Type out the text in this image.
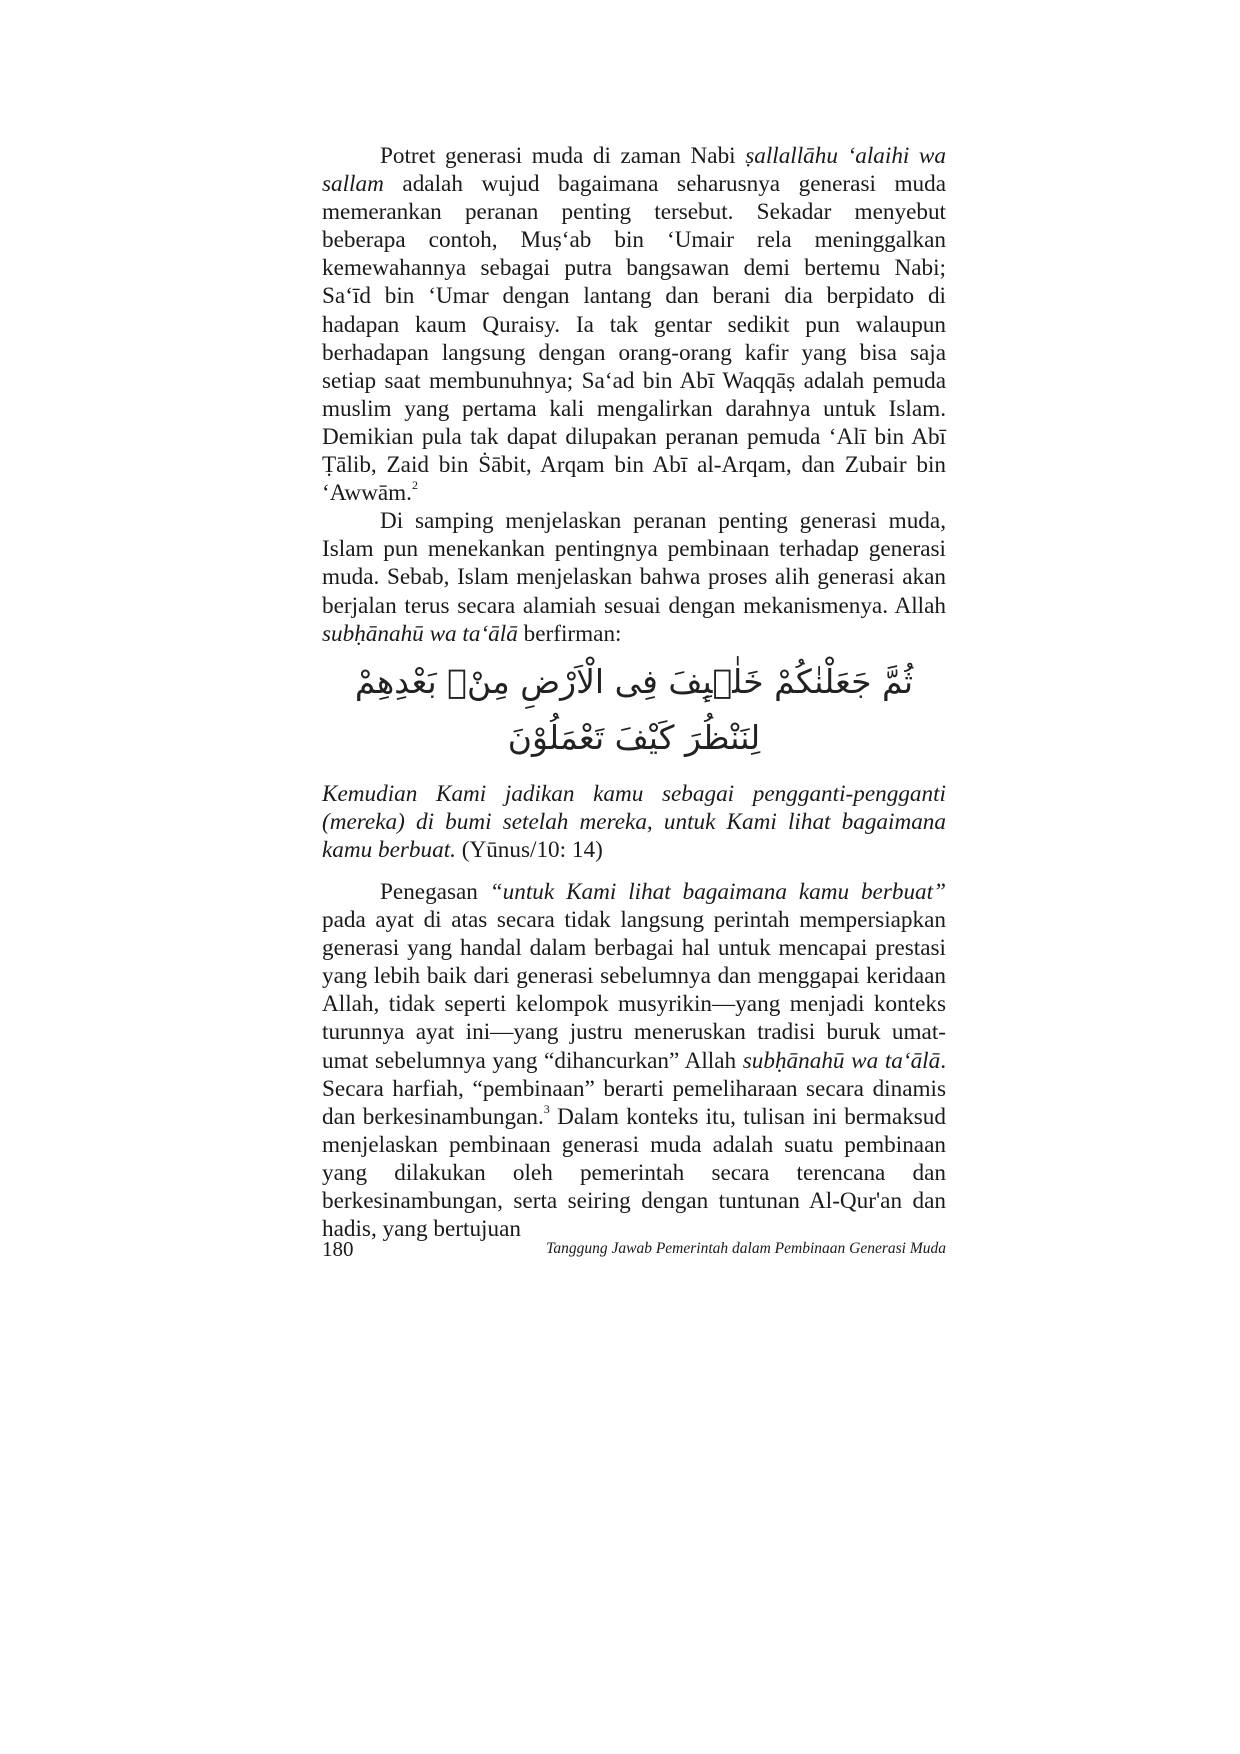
Potret generasi muda di zaman Nabi ṣallallāhu ‘alaihi wa sallam adalah wujud bagaimana seharusnya generasi muda memerankan peranan penting tersebut. Sekadar menyebut beberapa contoh, Muṣ‘ab bin ‘Umair rela meninggalkan kemewahannya sebagai putra bangsawan demi bertemu Nabi; Sa‘īd bin ‘Umar dengan lantang dan berani dia berpidato di hadapan kaum Quraisy. Ia tak gentar sedikit pun walaupun berhadapan langsung dengan orang-orang kafir yang bisa saja setiap saat membunuhnya; Sa‘ad bin Abī Waqqāṣ adalah pemuda muslim yang pertama kali mengalirkan darahnya untuk Islam. Demikian pula tak dapat dilupakan peranan pemuda ‘Alī bin Abī Ṭālib, Zaid bin Ṡābit, Arqam bin Abī al-Arqam, dan Zubair bin ‘Awwām.$^2$

Di samping menjelaskan peranan penting generasi muda, Islam pun menekankan pentingnya pembinaan terhadap generasi muda. Sebab, Islam menjelaskan bahwa proses alih generasi akan berjalan terus secara alamiah sesuai dengan mekanismenya. Allah subḥānahū wa ta‘ālā berfirman:

ثُمَّ جَعَلْنٰكُمْ خَلٰۤىِٕفَ فِى الْاَرْضِ مِنْۢ بَعْدِهِمْ لِنَنْظُرَ كَيْفَ تَعْمَلُوْنَ

Kemudian Kami jadikan kamu sebagai pengganti-pengganti (mereka) di bumi setelah mereka, untuk Kami lihat bagaimana kamu berbuat. (Yūnus/10: 14)

Penegasan “untuk Kami lihat bagaimana kamu berbuat” pada ayat di atas secara tidak langsung perintah mempersiapkan generasi yang handal dalam berbagai hal untuk mencapai prestasi yang lebih baik dari generasi sebelumnya dan menggapai keridaan Allah, tidak seperti kelompok musyrikin—yang menjadi konteks turunnya ayat ini—yang justru meneruskan tradisi buruk umat-umat sebelumnya yang “dihancurkan” Allah subḥānahū wa ta‘ālā. Secara harfiah, “pembinaan” berarti pemeliharaan secara dinamis dan berkesinambungan.$^3$ Dalam konteks itu, tulisan ini bermaksud menjelaskan pembinaan generasi muda adalah suatu pembinaan yang dilakukan oleh pemerintah secara terencana dan berkesinambungan, serta seiring dengan tuntunan Al-Qur'an dan hadis, yang bertujuan

180	Tanggung Jawab Pemerintah dalam Pembinaan Generasi Muda
